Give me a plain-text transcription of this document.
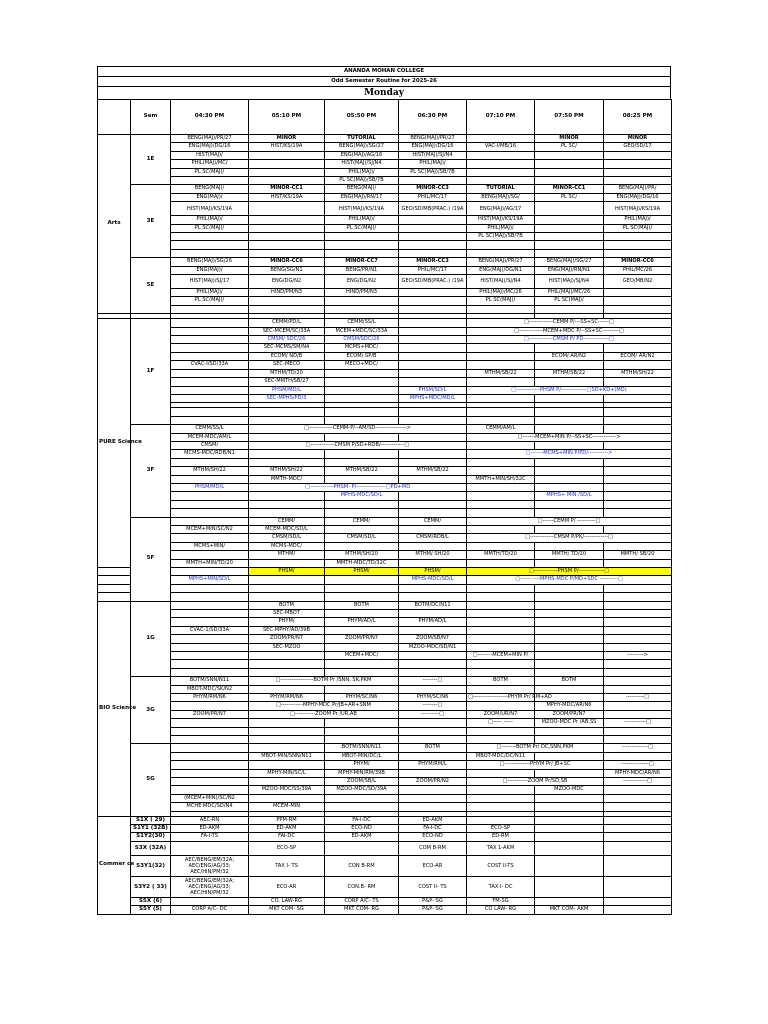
ANANDA MOHAN COLLEGE
Odd Semester Routine for 2025-26
Monday
	Sem	04:30 PM	05:10 PM	05:50 PM	06:30 PM	07:10 PM	07:50 PM	08:25 PM
Arts	1E	BENG(MAJ)/PR/27	MINOR	TUTORIAL	BENG(MAJ)/PR/27		MINOR	MINOR
		ENG(MAJ)/DG/16	HIST/KS/19A	BENG(MAJ)/SG/27	ENG(MAJ)/DG/16	VAC-I/MB/16	PL SC/	GEO/SD/17
		HIST(MAJ)/		ENG(MAJ)/AG/16	HIST(MAJ)/SJ/N4			
		PHIL(MAJ)/MC/		HIST(MAJ)/SJ/N4	PHIL(MAJ)/			
		PL SC(MAJ)/		PHIL(MAJ)/	PL SC(MAJ)/SB/7B			
				PL SC(MAJ)/SB/7B				
	3E	BENG(MAJ)/	MINOR-CC1	BENG(MAJ)/	MINOR-CC3	TUTORIAL	MINOR-CC1	BENG(MAJ)/PR/
		ENG(MAJ)/	HIST/KS/19A	ENG(MAJ)/RN/17	PHIL/MC/17	BENG(MAJ)/SG/	PL SC/	ENG(MAJ)/DG/16
		HIST(MAJ)/KS/19A		HIST(MAJ)/KS/19A	GEO/SD/MB(PRAC.) /19A	ENG(MAJ)/AG/17		HIST(MAJ)/KS/19A
		PHIL(MAJ)/		PHIL(MAJ)/		HIST(MAJ)/KS/19A		PHIL(MAJ)/
		PL SC(MAJ)/		PL SC(MAJ)/		PHIL(MAJ)/		PL SC(MAJ)/
						PL SC(MAJ)/SB/7B		

	5E	BENG(MAJ)/SG/26	MINOR-CC6	MINOR-CC7	MINOR-CC3	BENG(MAJ)/PR/27	BENG(MAJ)/SG/27	MINOR-CC6
		ENG(MAJ)/	BENG/SG/N1	BENG/PR/N1	PHIL/MC/17	ENG(MAJ)/DG/N1	ENG(MAJ)/RN/N1	PHIL/MC/26
		HIST(MAJ)/SJ/17	ENG/DG/N2	ENG/DG/N2	GEO/SD/MB(PRAC.) /19A	HIST(MAJ)/SJ/N4	HIST(MAJ)/SJ/N4	GEO/MB/N2
		PHIL(MAJ)/	HIND/PM/N3	HIND/PM/N3		PHIL(MAJ)/MC/26	PHIL(MAJ)/MC/26	
		PL SC(MAJ)/				PL SC(MAJ)/	PL SC(MAJ)/	

PURE Science	1F		CEMM/PD/L	CEMM/SS/L		□-------------CEMM P/---SS+SC------□		
			SEC-MCEM/SC/33A	MCEM+MDC/SC/33A		□-------------MCEM+MDC P/--SS+SC---------□		
			CMSM/ SDC/26	CMSM/SDC/26		□-------------CMSM P/ PD--------------□		
			SEC-MCMS/SM/N4	MCMS+MDC/				
			ECOM/ ND/B	ECOM/ SP/B			ECOM/ AR/N2	ECOM/ AR/N2
		CVAC-I/SD/33A	SEC-MECO	MECO+MDC/				
			MTHM/TD/20			MTHM/SB/22	MTHM/SB/22	MTHM/SH/22
			SEC-MMTH/SB/27					
			PHSM/MD/L		PHSM/SD/L	□-------------PHSM P/--------------□SD+KD+(MD)		
			SEC-MPHS/PD/3		MPHS+MDC/MD/L			

	3F	CEMM/SS/L	□-------------CEMM-P/--AM/SD----------------->			CEMM/AM/L		
		MCEM-MDC/AM/L				□-------MCEM+MIN P/--SS+SC------------->		
		CMSM/	□-------------CMSM P/SD+RDB/-------------□					
		MCMS-MDC/RDB/N1				□-------MCMS+MIN P/PD/----------->		

		MTHM/SH/22	MTHM/SH/22	MTHM/SB/22	MTHM/SB/22			
			MMTH-MDC/			MMTH+MIN/SH/32C		
		PHSM/MD/L	□-------------PHSM- P/----------------□PD+MD					
				MPHS-MDC/SD/L			MPHS+ MIN /SD/L	

	5F		CEMM/	CEMM/	CEMM/	□------CEMM P/ ----------□		
		MCEM+MIN/SC/N2	MCEM-MDC/SD/L					
			CMSM/SD/L	CMSM/SD/L	CMSM/RDB/L	□-------------CMSM P/PK/-------------□		
		MCMS+MIN/	MCMS-MDC/					
			MTHM/	MTHM/SH/20	MTHM/ SH/20	MMTH/TD/20	MMTH/ TD/20	MMTH/ SB/20
		MMTH+MIN/TD/20		MMTH-MDC/TD/32C				
			PHSM/	PHSM/	PHSM/	□-------------PHSM P/--------------□		
		MPHS+MIN/SD/L			MPHS-MDC/SD/L	□------ ----MPHS-MDC P/MD+SDC ----------□		

BIO Science	1G		BOTM	BOTM	BOTM/DC/N11			
			SEC-MBOT					
			PHYM/	PHYM/AD/L	PHYM/AD/L			
		CVAC-1/SD/33A	SEC-MPHY/AD/39B					
			ZOOM/PR/N7	ZOOM/PR/N7	ZOOM/SB/N7			
			SEC-MZOO		MZOO-MDC/SD/N1			
				MCEM+MDC/		□--------MCEM+MIN P/		--------->

	3G	BOTM/SNN/N11	□------------------BOTM Pr /SNN, SK,PKM		--------□	BOTM	BOTM	
		MBOT-MDC/SK/N2						
		PHYM/RM/N6	PHYM/RM/N6	PHYM/SC/N6	PHYM/SC/N6	□-------------------PHYM Pr/ RM+AD		----------□
			□------------MPHY-MDC Pr/JB+AR+SNM		--------□		MPHY-MDC/AR/N6	
		ZOOM/PR/N7	□-----------ZOOM Pr /UR,AB		----------□	ZOOM/UR/N7	ZOOM/PR/N7	
						□----- -----	MZOO-MDC Pr /AB,SS	------------□

	5G			BOTM/SNN/N11	BOTM	□--------BOTM Pr/ DC,SNN,PKM		--------------□
			MBOT-MIN/SNN/N11	MBOT-MIN/DC/L		MBOT-MDC/DC/N11		
				PHYM/	PHYM/RM/L	□--------------PHYM Pr/ JB+SC		---------------□
			MPHY-MIN/SC/L	MPHY-MIN/RM/39B				MPHY-MDC/AR/N6
				ZOOM/SB/L	ZOOM/PR/N2	□-----------ZOOM Pr/SD,SB		-------------□
			MZOO-MDC/SS/39A	MZOO-MDC/SD/39A			MZOO-MDC	
		(MCEM+MIN)/SC/N2						
		MCHE MDC/SD/N4	MCEM-MIN					

Commer ce	S1X ( 29)	AEC-RN	PPM-RM	FA-I-DC	ED-AKM			
	S1Y1 (32B)	ED-AKM	ED-AKM	ECO-ND	FA-I-DC	ECO-SP		
	S1Y2(30)	FA-I-TS	FAI-DC	ED-AKM	ECO-ND	ED-RM		
	S3X (32A)		ECO-SP		COM B-RM	TAX 1-AKM		
	S3Y1(32)	AEC/BENG/EM/32A; AEC/ENG/AG/33; AEC/HIN/PM/32	TAX I- TS	CON B-RM	ECO-AR	COST II-TS		
	S3Y2 ( 33)	AEC/BENG/EM/32A; AEC/ENG/AG/33; AEC/HIN/PM/32	ECO-AR	CON.B- RM	COST II- TS	TAX I- DC		
	S5X (6)		CO. LAW-RG	CORP A/C- TS	P&P- SG	FM-SG		
	S5Y (5)	CORP A/C- DC	MKT COM- SG	MKT COM- RG	P&P- SG	CO LAW- RG	MKT COM- AKM	
